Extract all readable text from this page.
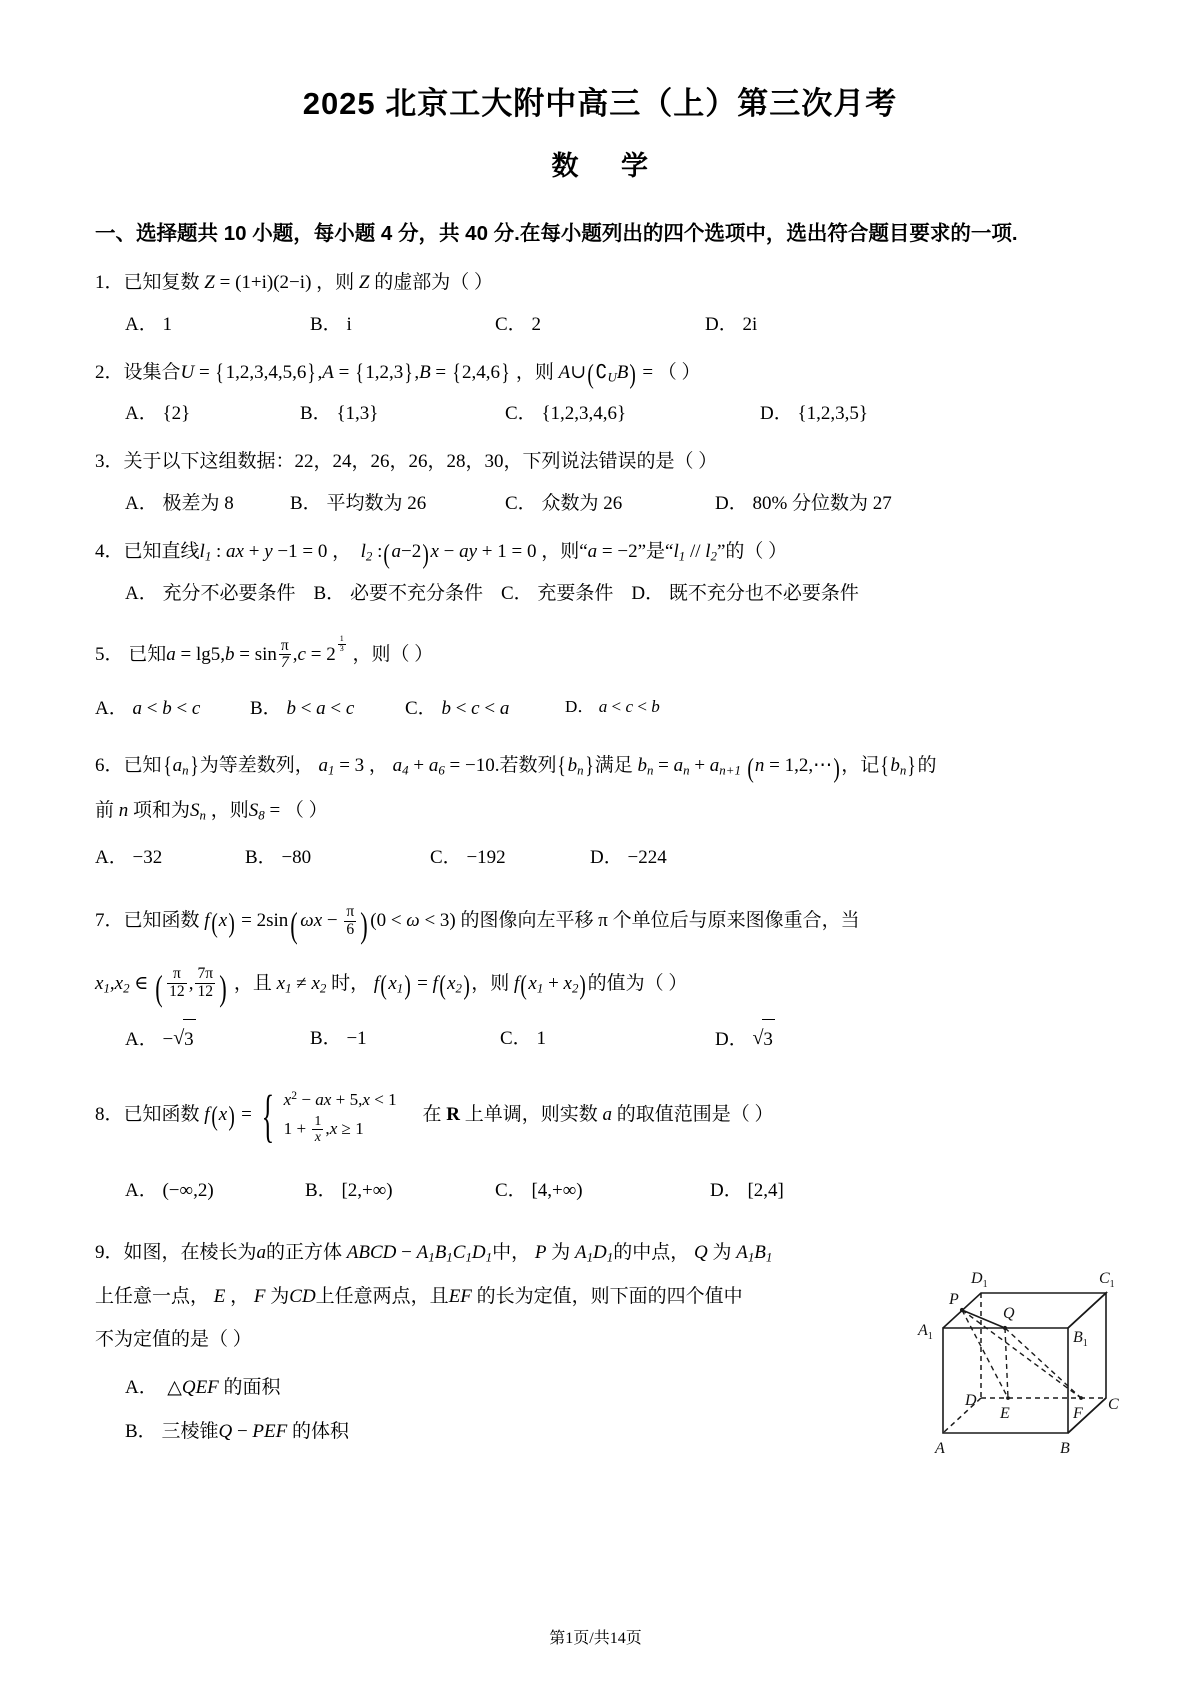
2025 北京工大附中高三（上）第三次月考
数 学
一、选择题共 10 小题，每小题 4 分，共 40 分.在每小题列出的四个选项中，选出符合题目要求的一项.
1．已知复数 Z = (1+i)(2−i) ，则 Z 的虚部为（ ）
A． 1	B． i	C． 2	D． 2i
2．设集合U = {1,2,3,4,5,6},A = {1,2,3},B = {2,4,6} ，则 $A\cup(∁_UB)$ = （ ）
A． {2}	B． {1,3}	C． {1,2,3,4,6}	D． {1,2,3,5}
3．关于以下这组数据：22，24，26，26，28，30，下列说法错误的是（ ）
A． 极差为 8	B． 平均数为 26	C． 众数为 26	D． 80% 分位数为 27
4．已知直线$l_1$ : ax + y −1 = 0 ，  $l_2$ :(a−2)x − ay + 1 = 0 ，则“a = −2”是“$l_1 // l_2$”的（ ）
A． 充分不必要条件 B． 必要不充分条件 C． 充要条件 D． 既不充分也不必要条件
5． 已知$a = \lg 5,b = \sin \frac{\pi}{7} ,c = 2$ $^{\frac{1}{3}}$ ，则（ ）
A． a < b < c	B． b < a < c	C． b < c < a	D． a < c < b
6．已知$\{a_n\}$为等差数列， $a_1 = 3$ ， $a_4 + a_6 = -10$.若数列$\{b_n\}$满足 $b_n = a_n + a_{n+1}$ (n = 1,2,⋯)，记$\{b_n\}$的
前 n 项和为$S_n$ ，则$S_8$ = （ ）
A． −32	B． −80	C． −192	D． −224
7．已知函数 f(x) = 2sin( $\omega x - \frac{\pi}{6}$ ) (0 < ω < 3) 的图像向左平移 π 个单位后与原来图像重合，当
$x_1,x_2$ ∈ ( $\frac{\pi}{12}$ , $\frac{7\pi}{12}$ ) ，且 $x_1 \ne x_2$ 时， $f(x_1) = f(x_2)$，则 $f(x_1 + x_2)$的值为（ ）
A． − √ 3	B． −1	C． 1	D． √ 3
8．已知函数 f(x) = { $x^2$ − ax + 5,x < 1
$1 + \frac{1}{x} ,x \ge 1$
在 R 上单调，则实数 a 的取值范围是（ ）
A． (−∞,2)	B． [2,+∞)	C． [4,+∞)	D． [2,4]
9．如图，在棱长为a的正方体 ABCD − $A_1B_1C_1D_1$中， P 为 $A_1D_1$的中点， Q 为 $A_1B_1$
上任意一点， E ， F 为CD上任意两点，且EF 的长为定值，则下面的四个值中
不为定值的是（ ）
A．  △QEF 的面积
B． 三棱锥Q − PEF 的体积
$D_1$	$C_1$
$A_1$	$B_1$
P
Q
D
E	F
C
A	B
第1页/共14页
